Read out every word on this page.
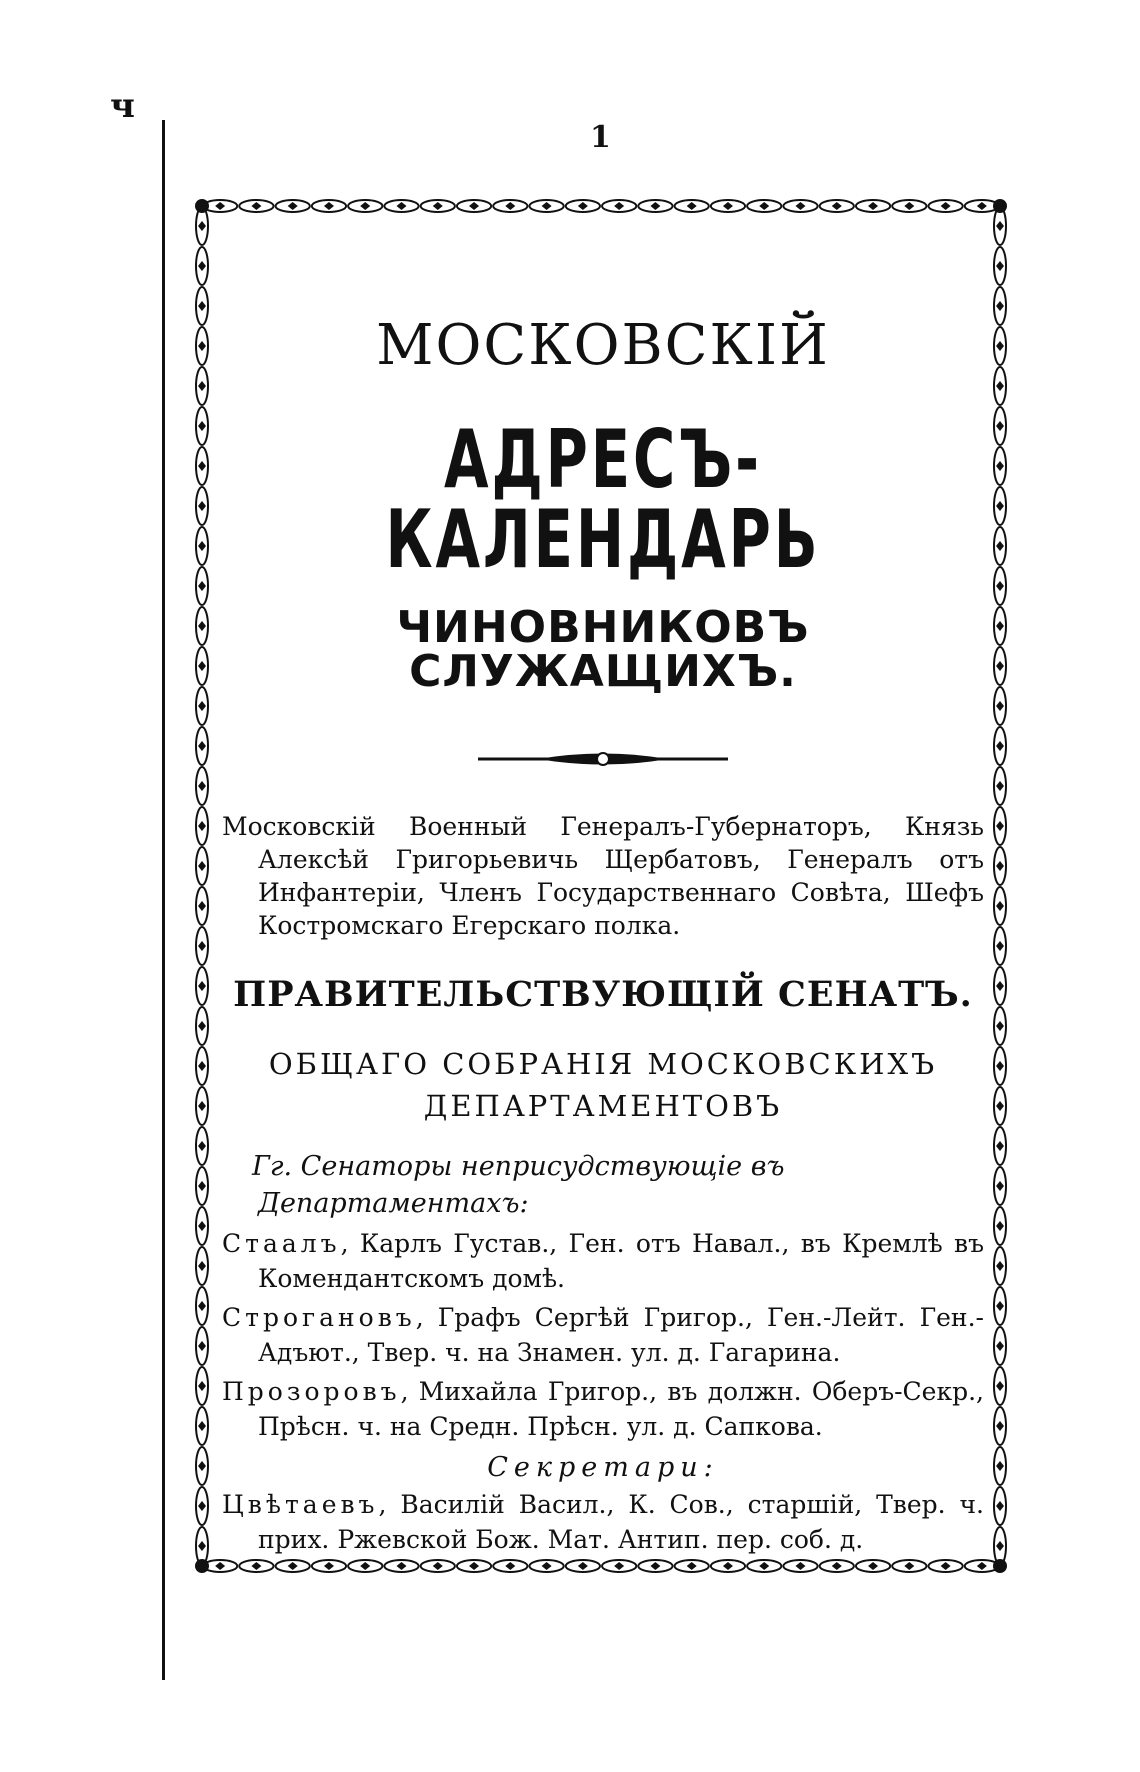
ч
1
МОСКОВСКІЙ
АДРЕСЪ-КАЛЕНДАРЬ
ЧИНОВНИКОВЪ СЛУЖАЩИХЪ.
Московскій Военный Генералъ-Губернаторъ, Князь Алексѣй Григорьевичь Щербатовъ, Генералъ отъ Инфантеріи, Членъ Государственнаго Совѣта, Шефъ Костромскаго Егерскаго полка.
ПРАВИТЕЛЬСТВУЮЩІЙ СЕНАТЪ.
ОБЩАГО СОБРАНІЯ МОСКОВСКИХЪ
ДЕПАРТАМЕНТОВЪ
Гг. Сенаторы неприсудствующіе въ Департаментахъ:
Стаалъ, Карлъ Густав., Ген. отъ Навал., въ Кремлѣ въ Комендантскомъ домѣ.
Строгановъ, Графъ Сергѣй Григор., Ген.-Лейт. Ген.-Адъют., Твер. ч. на Знамен. ул. д. Гагарина.
Прозоровъ, Михайла Григор., въ должн. Оберъ-Секр., Прѣсн. ч. на Средн. Прѣсн. ул. д. Сапкова.
Секретари:
Цвѣтаевъ, Василій Васил., К. Сов., старшій, Твер. ч. прих. Ржевской Бож. Мат. Антип. пер. соб. д.
